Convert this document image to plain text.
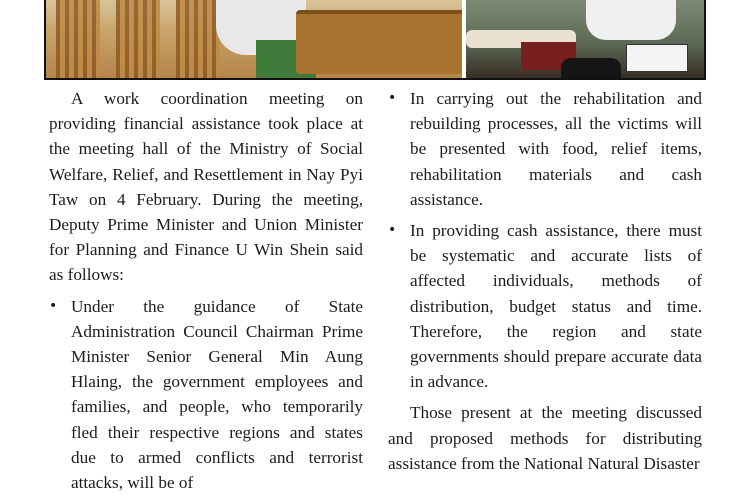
A work coordination meeting on providing financial assistance took place at the meeting hall of the Ministry of Social Welfare, Relief, and Resettlement in Nay Pyi Taw on 4 February. During the meeting, Deputy Prime Minister and Union Minister for Planning and Finance U Win Shein said as follows:

• Under the guidance of State Administration Council Chairman Prime Minister Senior General Min Aung Hlaing, the government employees and families, and people, who temporarily fled their respective regions and states due to armed conflicts and terrorist attacks, will be of
• In carrying out the rehabilitation and rebuilding processes, all the victims will be presented with food, relief items, rehabilitation materials and cash assistance.
• In providing cash assistance, there must be systematic and accurate lists of affected individuals, methods of distribution, budget status and time. Therefore, the region and state governments should prepare accurate data in advance.

Those present at the meeting discussed and proposed methods for distributing assistance from the National Natural Disaster
